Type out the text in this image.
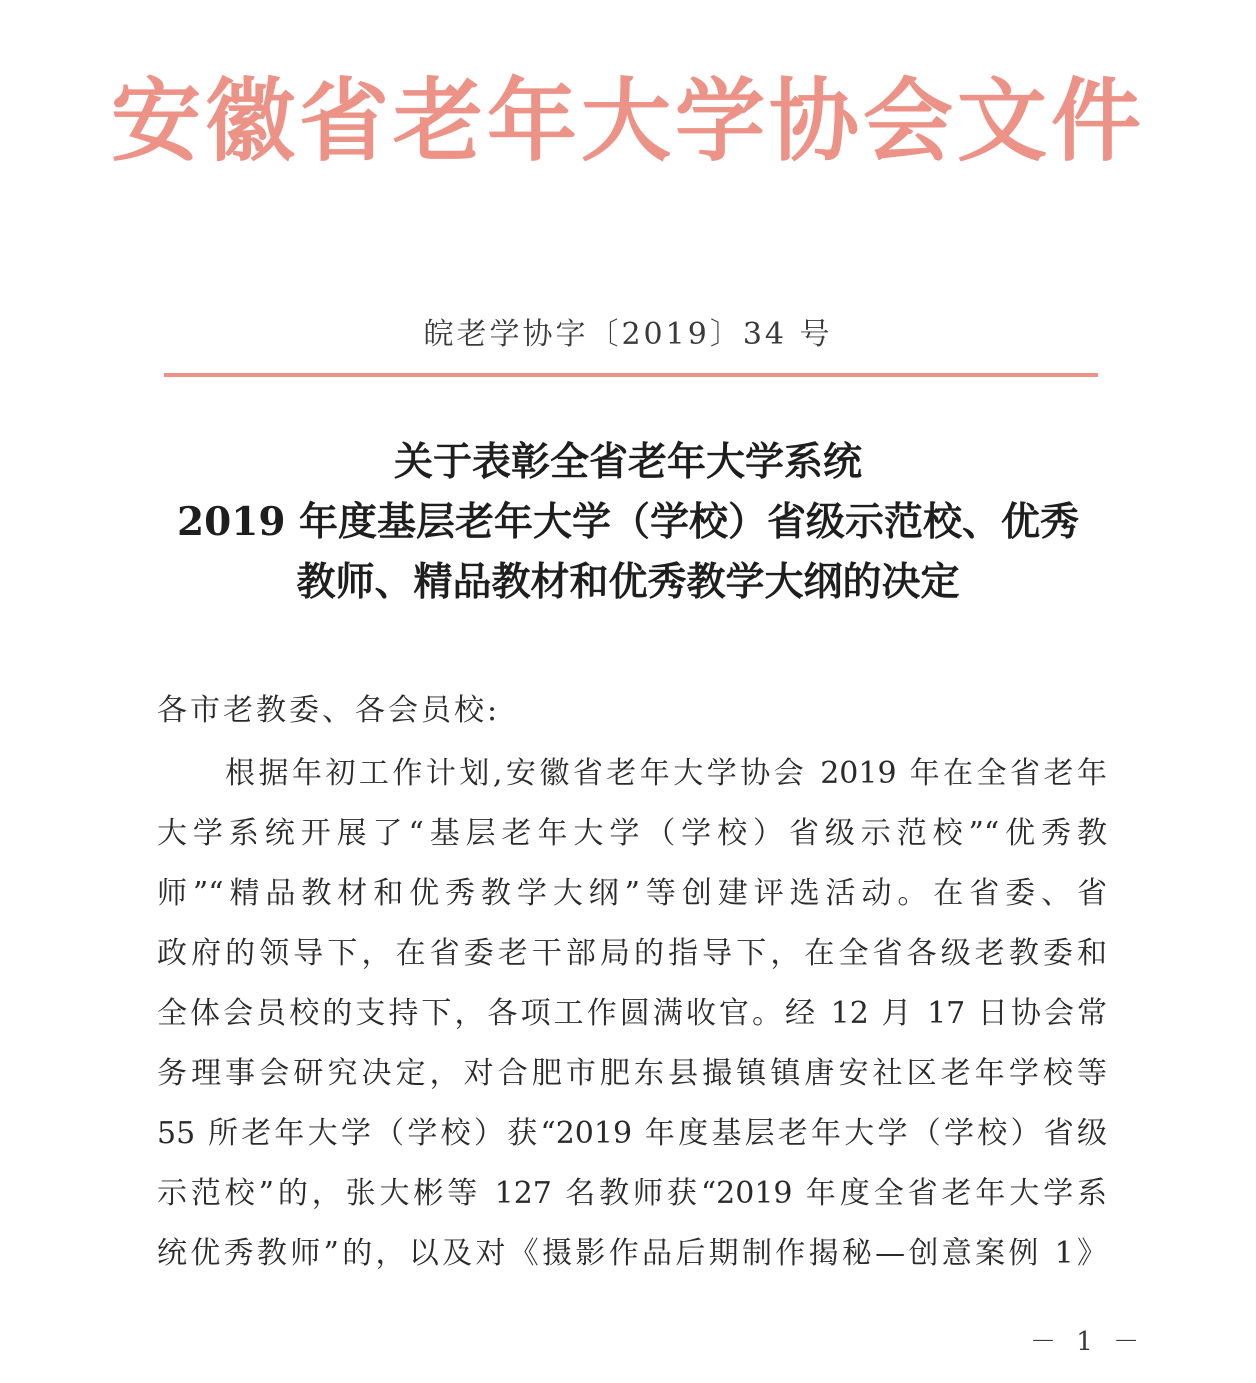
安徽省老年大学协会文件
皖老学协字〔2019〕34 号
关于表彰全省老年大学系统
2019 年度基层老年大学（学校）省级示范校、优秀
教师、精品教材和优秀教学大纲的决定
各市老教委、各会员校:
根据年初工作计划,安徽省老年大学协会 2019 年在全省老年
大学系统开展了“基层老年大学（学校）省级示范校”“优秀教
师”“精品教材和优秀教学大纲”等创建评选活动。在省委、省
政府的领导下，在省委老干部局的指导下，在全省各级老教委和
全体会员校的支持下，各项工作圆满收官。经 12 月 17 日协会常
务理事会研究决定，对合肥市肥东县撮镇镇唐安社区老年学校等
55 所老年大学（学校）获“2019 年度基层老年大学（学校）省级
示范校”的，张大彬等 127 名教师获“2019 年度全省老年大学系
统优秀教师”的，以及对《摄影作品后期制作揭秘—创意案例 1》
－ 1 －
